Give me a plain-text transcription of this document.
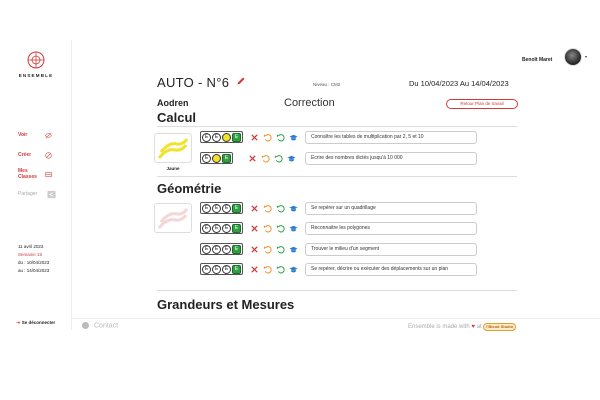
ENSEMBLE
Voir
Créer
Mes Classes
Partager
11 avril 2023
Semaine 15
du : 10/04/2023
au : 14/04/2023
⇥ Se déconnecter
Benoît Maret
▾
AUTO - N°6	Niveau : CM2	Du 10/04/2023 Au 14/04/2023
Aodren	Correction	Retour Plan de travail
Calcul
Jaune
E	E	E	Connaître les tables de multiplication par 2, 5 et 10
E	E	Ecrire des nombres dictés jusqu'à 10 000
Géométrie
E	E	E	E	Se repérer sur un quadrillage
E	E	E	E	Reconnaitre les polygones
E	E	E	E	Trouver le milieu d'un segment
E	E	E	E	Se repérer, décrire ou exécuter des déplacements sur un plan
Grandeurs et Mesures
Contact	Ensemble is made with ♥ at l'Bicud Studio
